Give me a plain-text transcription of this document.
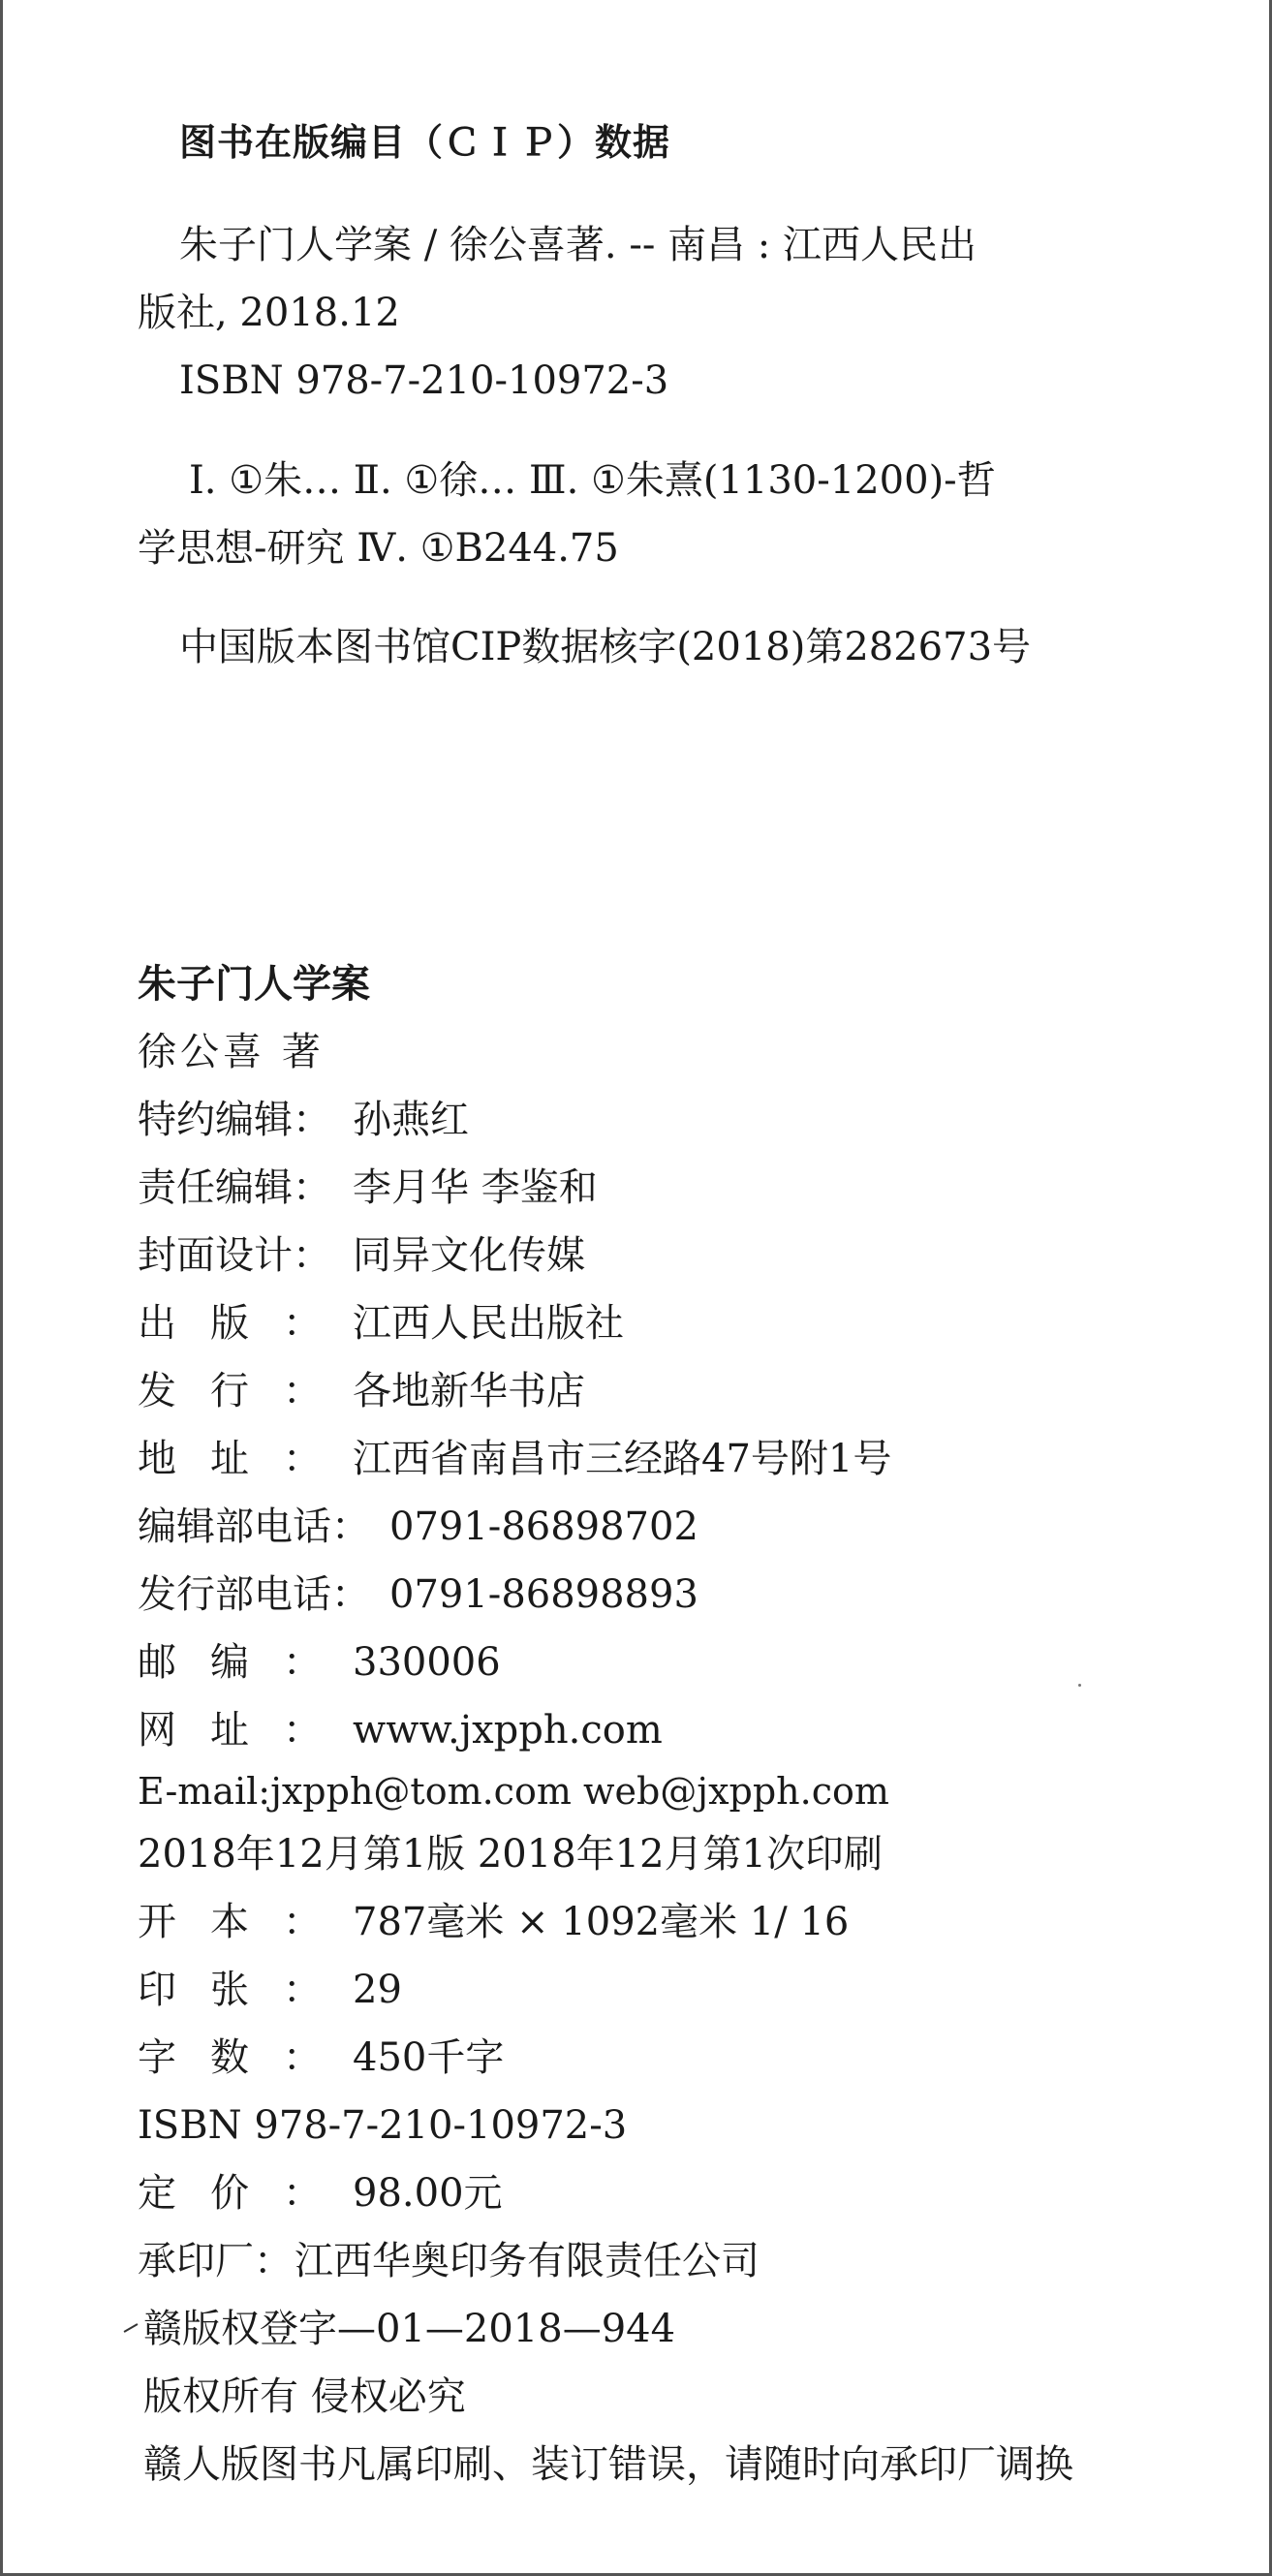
图书在版编目（ＣＩＰ）数据
朱子门人学案 / 徐公喜著. -- 南昌 : 江西人民出
版社, 2018.12
ISBN 978-7-210-10972-3
Ⅰ. ①朱… Ⅱ. ①徐… Ⅲ. ①朱熹(1130-1200)-哲
学思想-研究 Ⅳ. ①B244.75
中国版本图书馆CIP数据核字(2018)第282673号
朱子门人学案
徐公喜 著
特约编辑： 孙燕红
责任编辑： 李月华 李鉴和
封面设计： 同异文化传媒
出版： 江西人民出版社
发行： 各地新华书店
地址： 江西省南昌市三经路47号附1号
编辑部电话： 0791-86898702
发行部电话： 0791-86898893
邮编： 330006
网址： www.jxpph.com
E-mail:jxpph@tom.com web@jxpph.com
2018年12月第1版 2018年12月第1次印刷
开本： 787毫米 × 1092毫米 1/ 16
印张： 29
字数： 450千字
ISBN 978-7-210-10972-3
定价： 98.00元
承印厂：江西华奥印务有限责任公司
赣版权登字—01—2018—944
版权所有 侵权必究
赣人版图书凡属印刷、装订错误，请随时向承印厂调换
